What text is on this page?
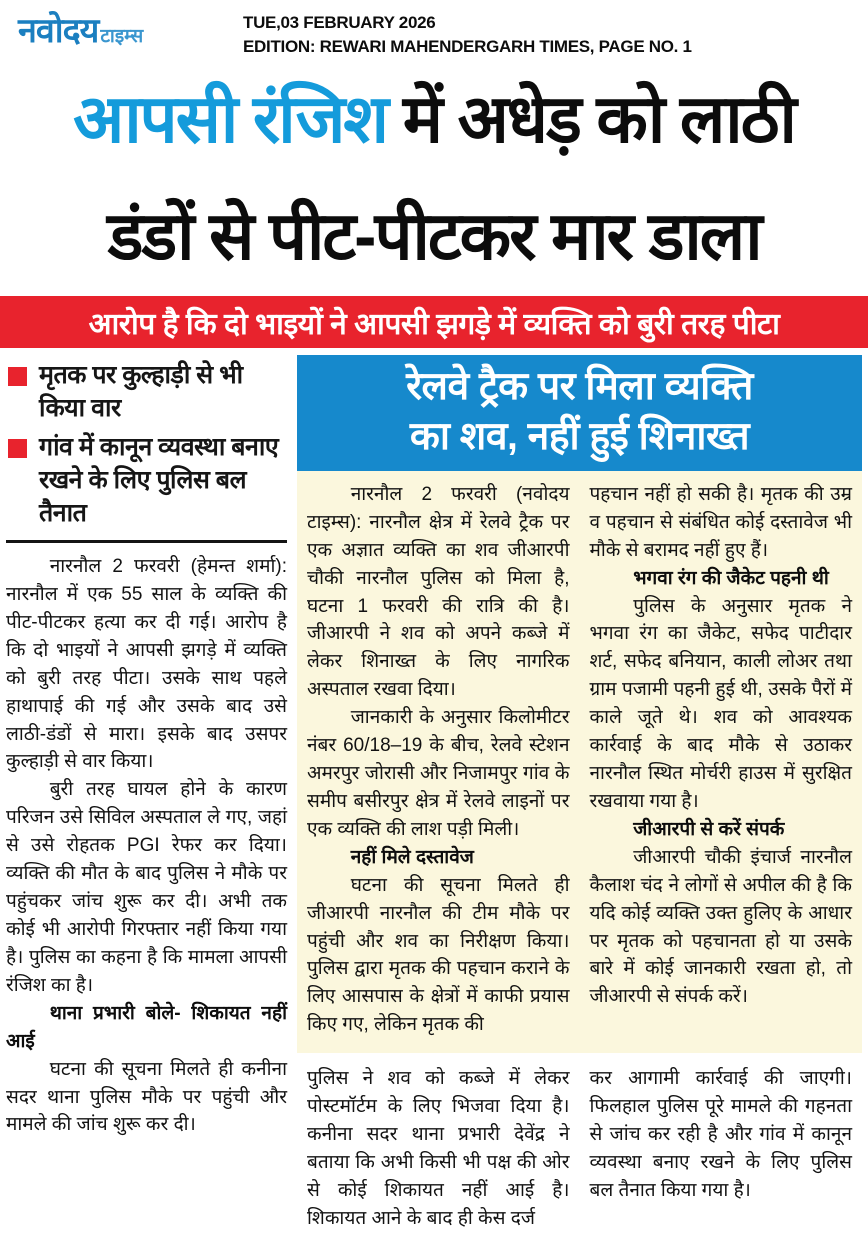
नवोदय टाइम्स
TUE,03 FEBRUARY 2026
EDITION: REWARI MAHENDERGARH TIMES, PAGE NO. 1
आपसी रंजिश में अधेड़ को लाठी
डंडों से पीट-पीटकर मार डाला
आरोप है कि दो भाइयों ने आपसी झगड़े में व्यक्ति को बुरी तरह पीटा
मृतक पर कुल्हाड़ी से भी किया वार
गांव में कानून व्यवस्था बनाए रखने के लिए पुलिस बल तैनात

नारनौल 2 फरवरी (हेमन्त शर्मा): नारनौल में एक 55 साल के व्यक्ति की पीट-पीटकर हत्या कर दी गई। आरोप है कि दो भाइयों ने आपसी झगड़े में व्यक्ति को बुरी तरह पीटा। उसके साथ पहले हाथापाई की गई और उसके बाद उसे लाठी-डंडों से मारा। इसके बाद उसपर कुल्हाड़ी से वार किया।

बुरी तरह घायल होने के कारण परिजन उसे सिविल अस्पताल ले गए, जहां से उसे रोहतक PGI रेफर कर दिया। व्यक्ति की मौत के बाद पुलिस ने मौके पर पहुंचकर जांच शुरू कर दी। अभी तक कोई भी आरोपी गिरफ्तार नहीं किया गया है। पुलिस का कहना है कि मामला आपसी रंजिश का है।

थाना प्रभारी बोले- शिकायत नहीं आई

घटना की सूचना मिलते ही कनीना सदर थाना पुलिस मौके पर पहुंची और मामले की जांच शुरू कर दी।

रेलवे ट्रैक पर मिला व्यक्ति
का शव, नहीं हुई शिनाख्त

नारनौल 2 फरवरी (नवोदय टाइम्स): नारनौल क्षेत्र में रेलवे ट्रैक पर एक अज्ञात व्यक्ति का शव जीआरपी चौकी नारनौल पुलिस को मिला है, घटना 1 फरवरी की रात्रि की है। जीआरपी ने शव को अपने कब्जे में लेकर शिनाख्त के लिए नागरिक अस्पताल रखवा दिया।

जानकारी के अनुसार किलोमीटर नंबर 60/18–19 के बीच, रेलवे स्टेशन अमरपुर जोरासी और निजामपुर गांव के समीप बसीरपुर क्षेत्र में रेलवे लाइनों पर एक व्यक्ति की लाश पड़ी मिली।

नहीं मिले दस्तावेज

घटना की सूचना मिलते ही जीआरपी नारनौल की टीम मौके पर पहुंची और शव का निरीक्षण किया। पुलिस द्वारा मृतक की पहचान कराने के लिए आसपास के क्षेत्रों में काफी प्रयास किए गए, लेकिन मृतक की

पहचान नहीं हो सकी है। मृतक की उम्र व पहचान से संबंधित कोई दस्तावेज भी मौके से बरामद नहीं हुए हैं।

भगवा रंग की जैकेट पहनी थी

पुलिस के अनुसार मृतक ने भगवा रंग का जैकेट, सफेद पाटीदार शर्ट, सफेद बनियान, काली लोअर तथा ग्राम पजामी पहनी हुई थी, उसके पैरों में काले जूते थे। शव को आवश्यक कार्रवाई के बाद मौके से उठाकर नारनौल स्थित मोर्चरी हाउस में सुरक्षित रखवाया गया है।

जीआरपी से करें संपर्क

जीआरपी चौकी इंचार्ज नारनौल कैलाश चंद ने लोगों से अपील की है कि यदि कोई व्यक्ति उक्त हुलिए के आधार पर मृतक को पहचानता हो या उसके बारे में कोई जानकारी रखता हो, तो जीआरपी से संपर्क करें।

पुलिस ने शव को कब्जे में लेकर पोस्टमॉर्टम के लिए भिजवा दिया है। कनीना सदर थाना प्रभारी देवेंद्र ने बताया कि अभी किसी भी पक्ष की ओर से कोई शिकायत नहीं आई है। शिकायत आने के बाद ही केस दर्ज

कर आगामी कार्रवाई की जाएगी। फिलहाल पुलिस पूरे मामले की गहनता से जांच कर रही है और गांव में कानून व्यवस्था बनाए रखने के लिए पुलिस बल तैनात किया गया है।
